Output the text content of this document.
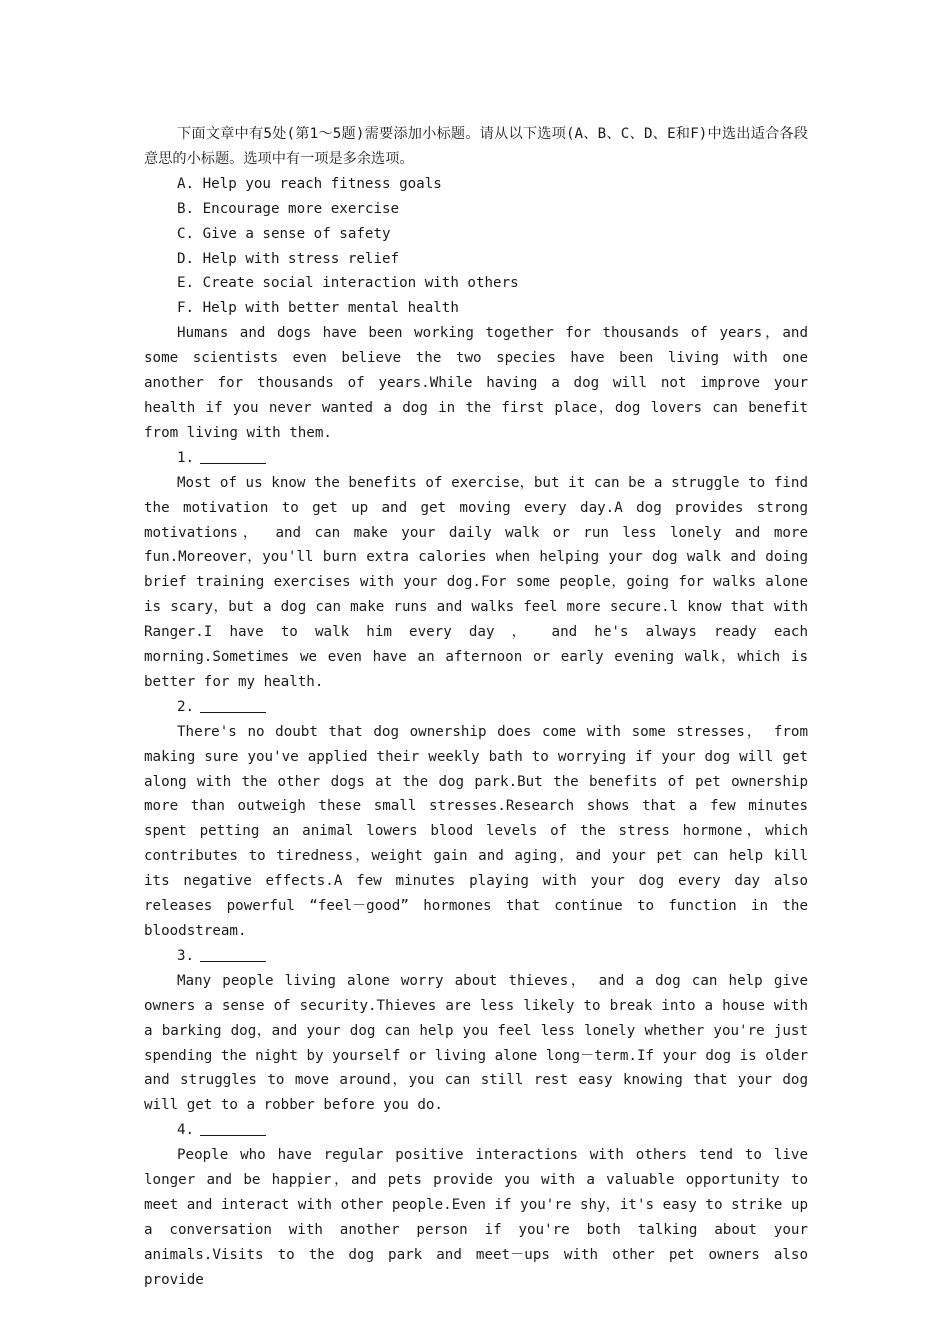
下面文章中有5处(第1～5题)需要添加小标题。请从以下选项(A、B、C、D、E和F)中选出适合各段意思的小标题。选项中有一项是多余选项。

A. Help you reach fitness goals

B. Encourage more exercise

C. Give a sense of safety

D. Help with stress relief

E. Create social interaction with others

F. Help with better mental health

Humans and dogs have been working together for thousands of years，and some scientists even believe the two species have been living with one another for thousands of years.While having a dog will not improve your health if you never wanted a dog in the first place，dog lovers can benefit from living with them.

1.

Most of us know the benefits of exercise，but it can be a struggle to find the motivation to get up and get moving every day.A dog provides strong motivations， and can make your daily walk or run less lonely and more fun.Moreover，you'll burn extra calories when helping your dog walk and doing brief training exercises with your dog.For some people，going for walks alone is scary，but a dog can make runs and walks feel more secure.l know that with Ranger.I have to walk him every day ， and he's always ready each morning.Sometimes we even have an afternoon or early evening walk，which is better for my health.

2.

There's no doubt that dog ownership does come with some stresses， from making sure you've applied their weekly bath to worrying if your dog will get along with the other dogs at the dog park.But the benefits of pet ownership more than outweigh these small stresses.Research shows that a few minutes spent petting an animal lowers blood levels of the stress hormone，which contributes to tiredness，weight gain and aging，and your pet can help kill its negative effects.A few minutes playing with your dog every day also releases powerful “feel－good” hormones that continue to function in the bloodstream.

3.

Many people living alone worry about thieves， and a dog can help give owners a sense of security.Thieves are less likely to break into a house with a barking dog，and your dog can help you feel less lonely whether you're just spending the night by yourself or living alone long－term.If your dog is older and struggles to move around，you can still rest easy knowing that your dog will get to a robber before you do.

4.

People who have regular positive interactions with others tend to live longer and be happier，and pets provide you with a valuable opportunity to meet and interact with other people.Even if you're shy，it's easy to strike up a conversation with another person if you're both talking about your animals.Visits to the dog park and meet－ups with other pet owners also provide
